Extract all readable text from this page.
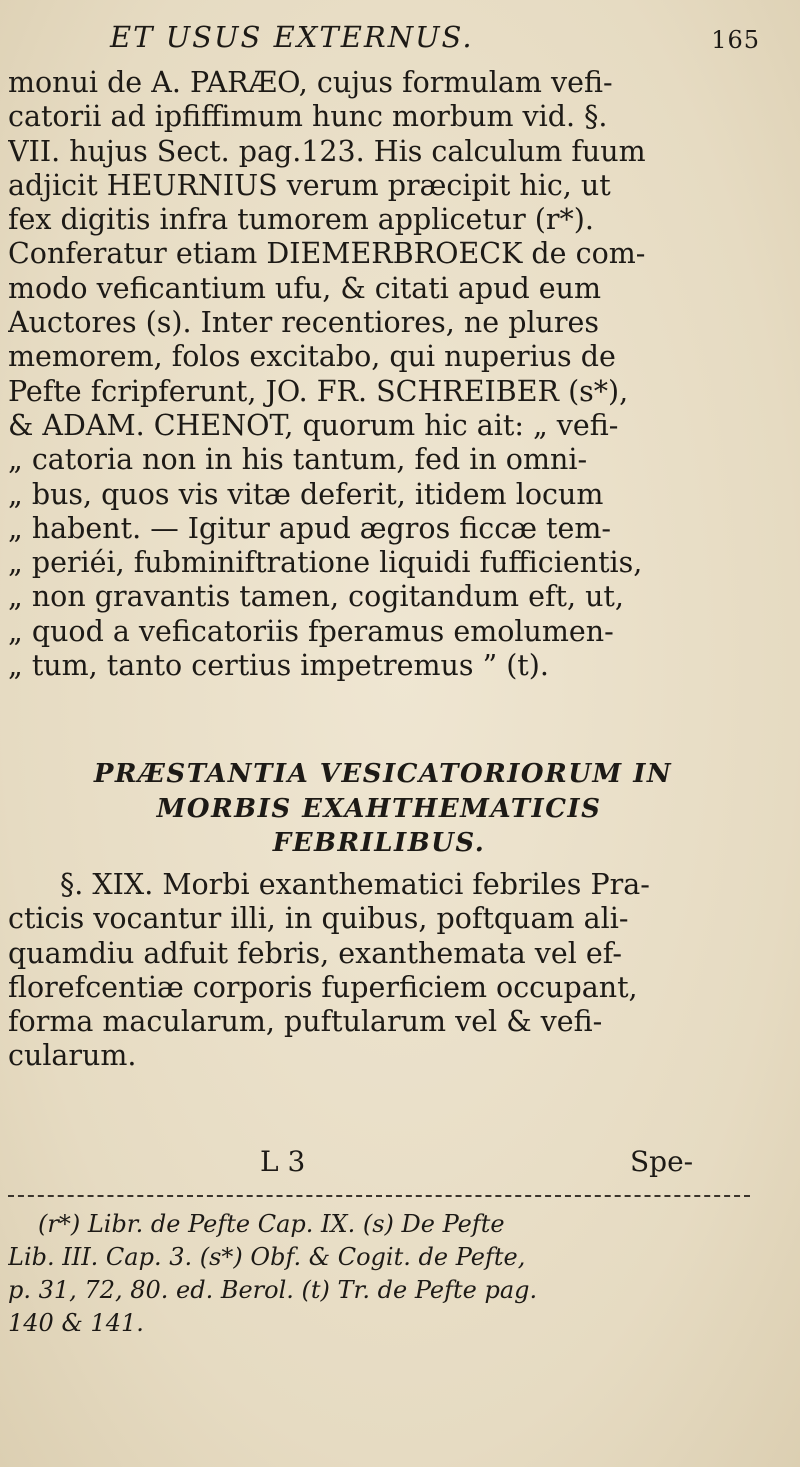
ET USUS EXTERNUS.	165
monui de A. PARÆO, cujus formulam vefi-
catorii ad ipfiffimum hunc morbum vid. §.
VII. hujus Sect. pag.123. His calculum fuum
adjicit HEURNIUS verum præcipit hic, ut
fex digitis infra tumorem applicetur (r*).
Conferatur etiam DIEMERBROECK de com-
modo veficantium ufu, & citati apud eum
Auctores (s). Inter recentiores, ne plures
memorem, folos excitabo, qui nuperius de
Pefte fcripferunt, JO. FR. SCHREIBER (s*),
& ADAM. CHENOT, quorum hic ait: „ vefi-
„ catoria non in his tantum, fed in omni-
„ bus, quos vis vitæ deferit, itidem locum
„ habent. — Igitur apud ægros ficcæ tem-
„ periéi, fubminiftratione liquidi fufficientis,
„ non gravantis tamen, cogitandum eft, ut,
„ quod a veficatoriis fperamus emolumen-
„ tum, tanto certius impetremus ” (t).
PRÆSTANTIA VESICATORIORUM IN
MORBIS EXAHTHEMATICIS
FEBRILIBUS.
§. XIX. Morbi exanthematici febriles Pra-
cticis vocantur illi, in quibus, poftquam ali-
quamdiu adfuit febris, exanthemata vel ef-
florefcentiæ corporis fuperficiem occupant,
forma macularum, puftularum vel & vefi-
cularum.
L 3	Spe-
(r*) Libr. de Pefte Cap. IX. (s) De Pefte
Lib. III. Cap. 3. (s*) Obf. & Cogit. de Pefte,
p. 31, 72, 80. ed. Berol. (t) Tr. de Pefte pag.
140 & 141.
